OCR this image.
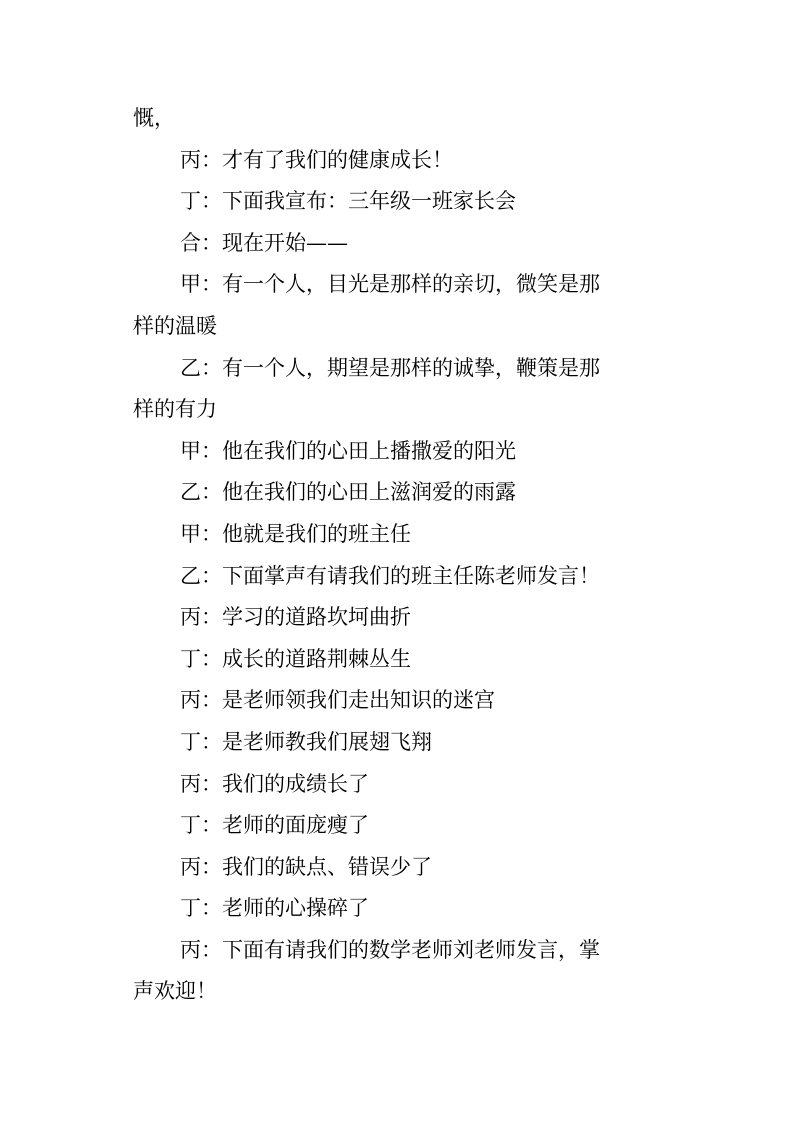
慨，
丙：才有了我们的健康成长！
丁：下面我宣布：三年级一班家长会
合：现在开始——
甲：有一个人，目光是那样的亲切，微笑是那
样的温暖
乙：有一个人，期望是那样的诚挚，鞭策是那
样的有力
甲：他在我们的心田上播撒爱的阳光
乙：他在我们的心田上滋润爱的雨露
甲：他就是我们的班主任
乙：下面掌声有请我们的班主任陈老师发言！
丙：学习的道路坎坷曲折
丁：成长的道路荆棘丛生
丙：是老师领我们走出知识的迷宫
丁：是老师教我们展翅飞翔
丙：我们的成绩长了
丁：老师的面庞瘦了
丙：我们的缺点、错误少了
丁：老师的心操碎了
丙：下面有请我们的数学老师刘老师发言，掌
声欢迎！
